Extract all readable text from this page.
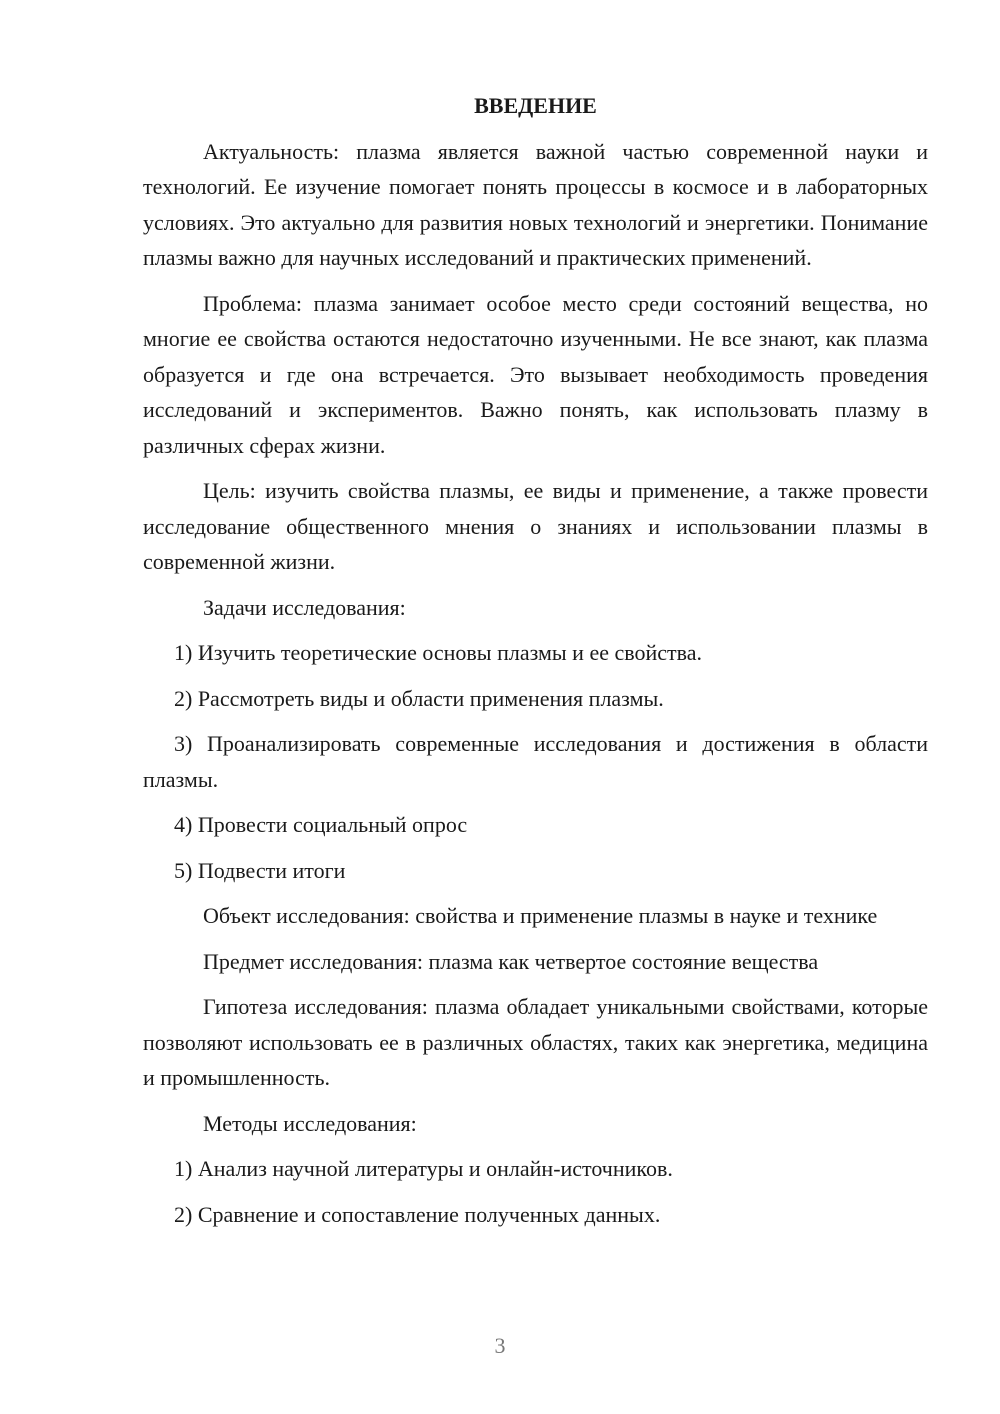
ВВЕДЕНИЕ

Актуальность: плазма является важной частью современной науки и технологий. Ее изучение помогает понять процессы в космосе и в лабораторных условиях. Это актуально для развития новых технологий и энергетики. Понимание плазмы важно для научных исследований и практических применений.

Проблема: плазма занимает особое место среди состояний вещества, но многие ее свойства остаются недостаточно изученными. Не все знают, как плазма образуется и где она встречается. Это вызывает необходимость проведения исследований и экспериментов. Важно понять, как использовать плазму в различных сферах жизни.

Цель: изучить свойства плазмы, ее виды и применение, а также провести исследование общественного мнения о знаниях и использовании плазмы в современной жизни.

Задачи исследования:

1) Изучить теоретические основы плазмы и ее свойства.

2) Рассмотреть виды и области применения плазмы.

3) Проанализировать современные исследования и достижения в области плазмы.

4) Провести социальный опрос

5) Подвести итоги

Объект исследования: свойства и применение плазмы в науке и технике

Предмет исследования: плазма как четвертое состояние вещества

Гипотеза исследования: плазма обладает уникальными свойствами, которые позволяют использовать ее в различных областях, таких как энергетика, медицина и промышленность.

Методы исследования:

1) Анализ научной литературы и онлайн-источников.

2) Сравнение и сопоставление полученных данных.

3
